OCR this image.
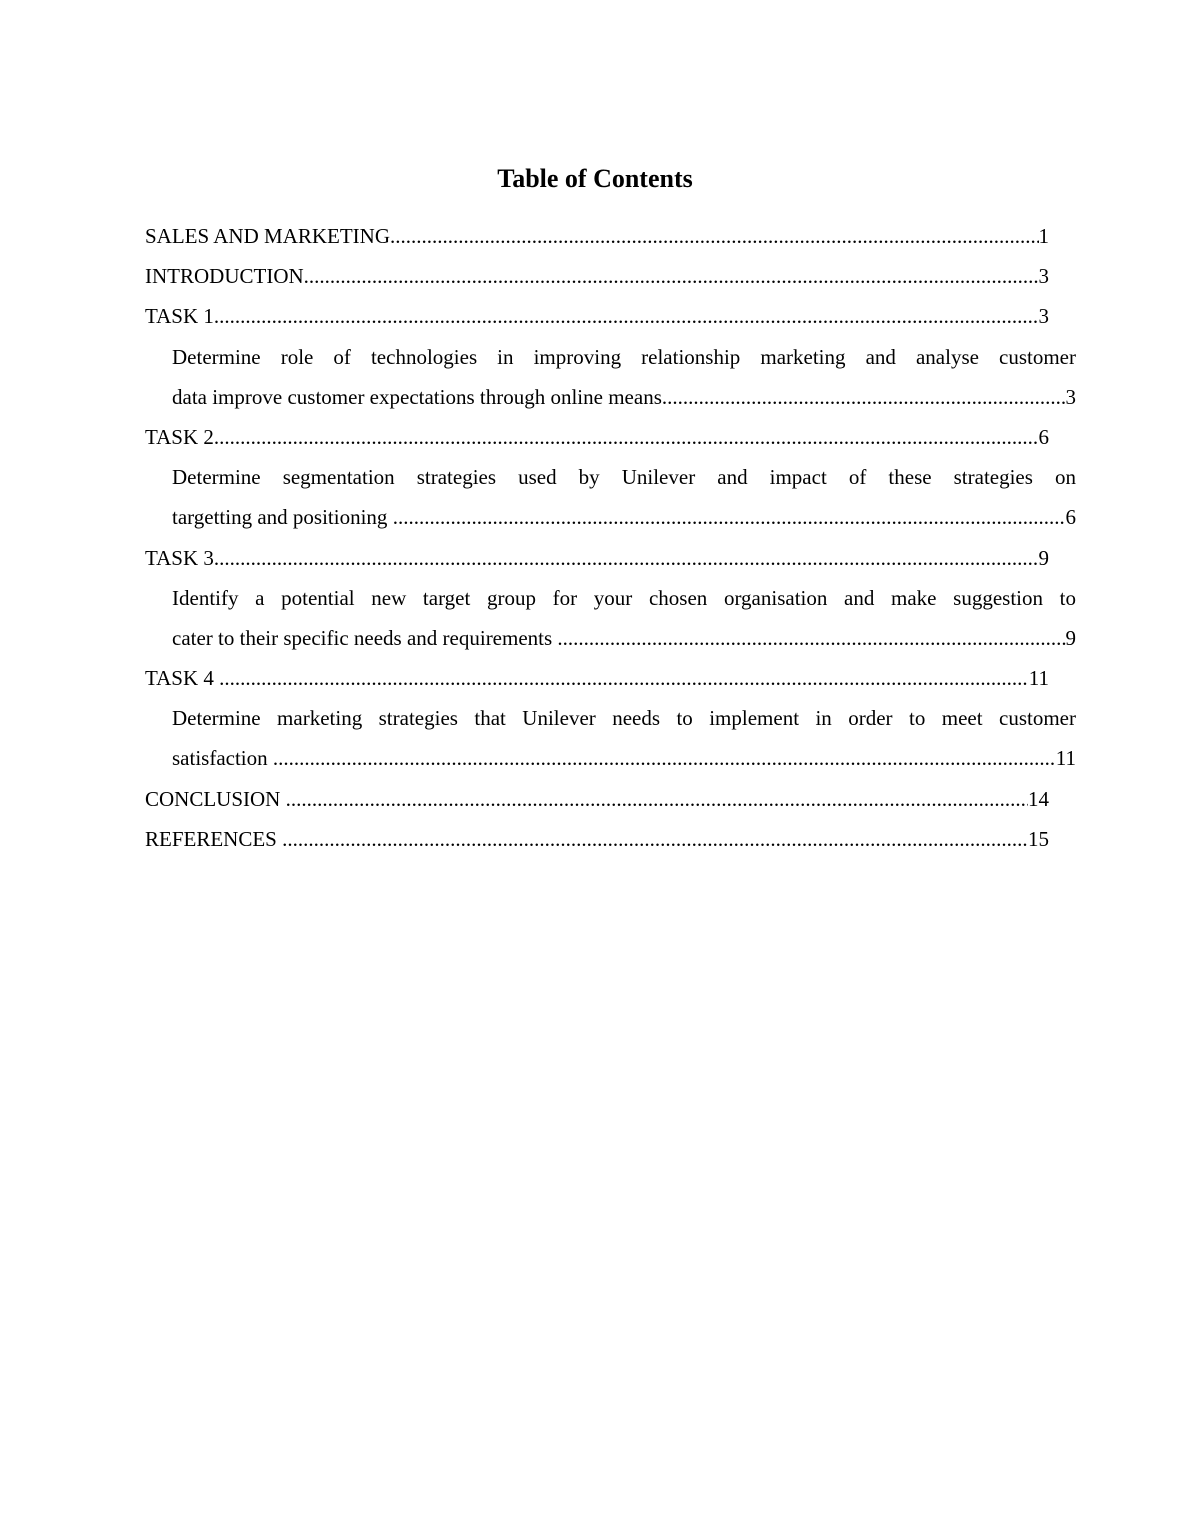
Table of Contents
SALES AND MARKETING .....	1
INTRODUCTION .....	3
TASK 1 .....	3
Determine role of technologies in improving relationship marketing and analyse customer
data improve customer expectations through online means .....	3
TASK 2 .....	6
Determine segmentation strategies used by Unilever and impact of these strategies on
targetting and positioning .....	6
TASK 3 .....	9
Identify a potential new target group for your chosen organisation and make suggestion to
cater to their specific needs and requirements .....	9
TASK 4 .....	11
Determine marketing strategies that Unilever needs to implement in order to meet customer
satisfaction .....	11
CONCLUSION .....	14
REFERENCES .....	15
